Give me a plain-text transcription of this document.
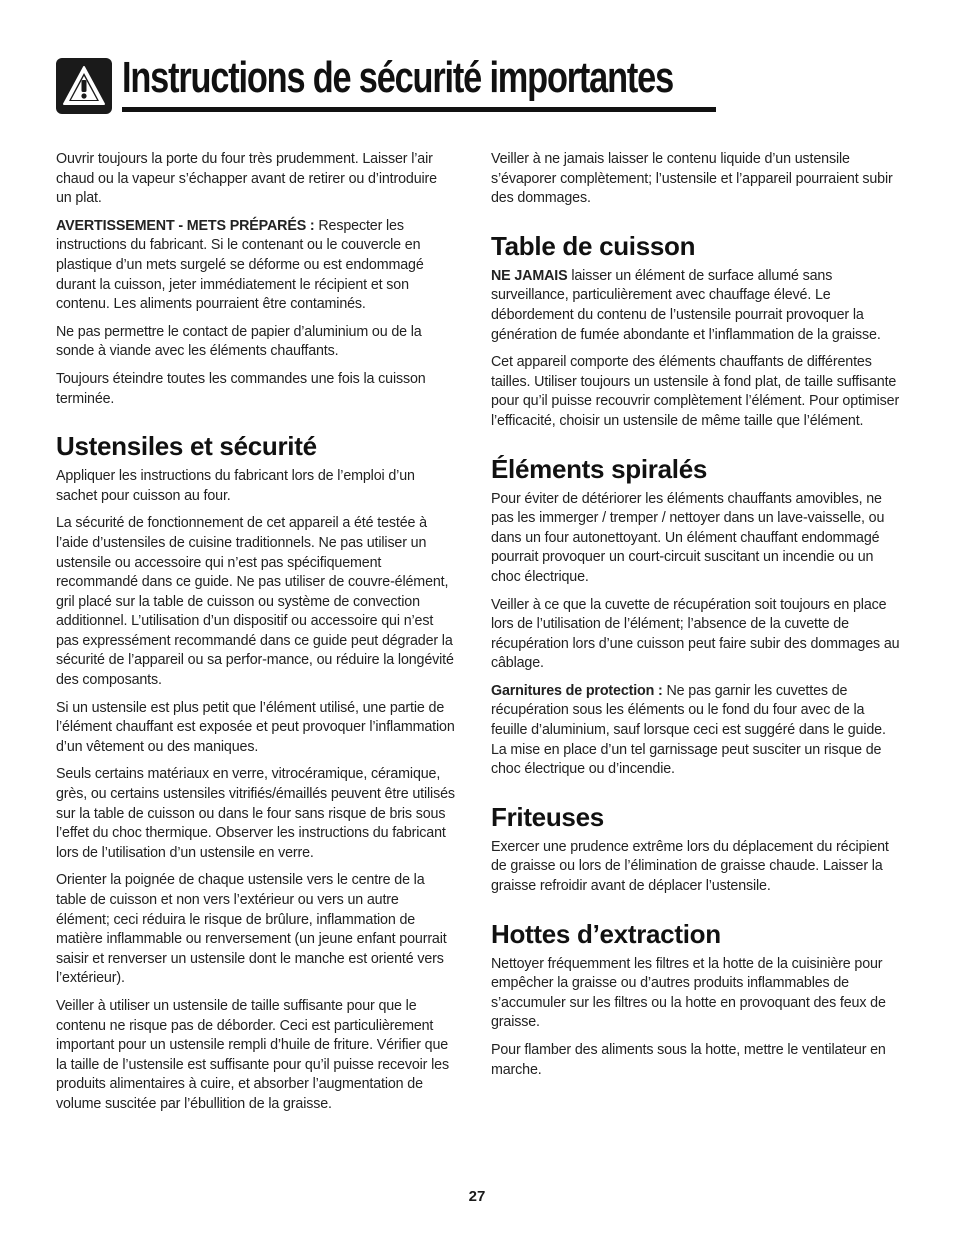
Instructions de sécurité importantes

Ouvrir toujours la porte du four très prudemment. Laisser l’air chaud ou la vapeur s’échapper avant de retirer ou d’introduire un plat.

AVERTISSEMENT - METS PRÉPARÉS : Respecter les instructions du fabricant. Si le contenant ou le couvercle en plastique d’un mets surgelé se déforme ou est endommagé durant la cuisson, jeter immédiatement le récipient et son contenu. Les aliments pourraient être contaminés.

Ne pas permettre le contact de papier d’aluminium ou de la sonde à viande avec les éléments chauffants.

Toujours éteindre toutes les commandes une fois la cuisson terminée.

Ustensiles et sécurité

Appliquer les instructions du fabricant lors de l’emploi d’un sachet pour cuisson au four.

La sécurité de fonctionnement de cet appareil a été testée à l’aide d’ustensiles de cuisine traditionnels. Ne pas utiliser un ustensile ou accessoire qui n’est pas spécifiquement recommandé dans ce guide. Ne pas utiliser de couvre-élément, gril placé sur la table de cuisson ou système de convection additionnel. L’utilisation d’un dispositif ou accessoire qui n’est pas expressément recommandé dans ce guide peut dégrader la sécurité de l’appareil ou sa perfor-mance, ou réduire la longévité des composants.

Si un ustensile est plus petit que l’élément utilisé, une partie de l’élément chauffant est exposée et peut provoquer l’inflammation d’un vêtement ou des maniques.

Seuls certains matériaux en verre, vitrocéramique, céramique, grès, ou certains ustensiles vitrifiés/émaillés peuvent être utilisés sur la table de cuisson ou dans le four sans risque de bris sous l’effet du choc thermique. Observer les instructions du fabricant lors de l’utilisation d’un ustensile en verre.

Orienter la poignée de chaque ustensile vers le centre de la table de cuisson et non vers l’extérieur ou vers un autre élément; ceci réduira le risque de brûlure, inflammation de matière inflammable ou renversement (un jeune enfant pourrait saisir et renverser un ustensile dont le manche est orienté vers l’extérieur).

Veiller à utiliser un ustensile de taille suffisante pour que le contenu ne risque pas de déborder. Ceci est particulièrement important pour un ustensile rempli d’huile de friture. Vérifier que la taille de l’ustensile est suffisante pour qu’il puisse recevoir les produits alimentaires à cuire, et absorber l’augmentation de volume suscitée par l’ébullition de la graisse.

Veiller à ne jamais laisser le contenu liquide d’un ustensile s’évaporer complètement; l’ustensile et l’appareil pourraient subir des dommages.

Table de cuisson

NE JAMAIS laisser un élément de surface allumé sans surveillance, particulièrement avec chauffage élevé. Le débordement du contenu de l’ustensile pourrait provoquer la génération de fumée abondante et l’inflammation de la graisse.

Cet appareil comporte des éléments chauffants de différentes tailles. Utiliser toujours un ustensile à fond plat, de taille suffisante pour qu’il puisse recouvrir complètement l’élément. Pour optimiser l’efficacité, choisir un ustensile de même taille que l’élément.

Éléments spiralés

Pour éviter de détériorer les éléments chauffants amovibles, ne pas les immerger / tremper / nettoyer dans un lave-vaisselle, ou dans un four autonettoyant. Un élément chauffant endommagé pourrait provoquer un court-circuit suscitant un incendie ou un choc électrique.

Veiller à ce que la cuvette de récupération soit toujours en place lors de l’utilisation de l’élément; l’absence de la cuvette de récupération lors d’une cuisson peut faire subir des dommages au câblage.

Garnitures de protection : Ne pas garnir les cuvettes de récupération sous les éléments ou le fond du four avec de la feuille d’aluminium, sauf lorsque ceci est suggéré dans le guide. La mise en place d’un tel garnissage peut susciter un risque de choc électrique ou d’incendie.

Friteuses

Exercer une prudence extrême lors du déplacement du récipient de graisse ou lors de l’élimination de graisse chaude. Laisser la graisse refroidir avant de déplacer l’ustensile.

Hottes d’extraction

Nettoyer fréquemment les filtres et la hotte de la cuisinière pour empêcher la graisse ou d’autres produits inflammables de s’accumuler sur les filtres ou la hotte en provoquant des feux de graisse.

Pour flamber des aliments sous la hotte, mettre le ventilateur en marche.

27
